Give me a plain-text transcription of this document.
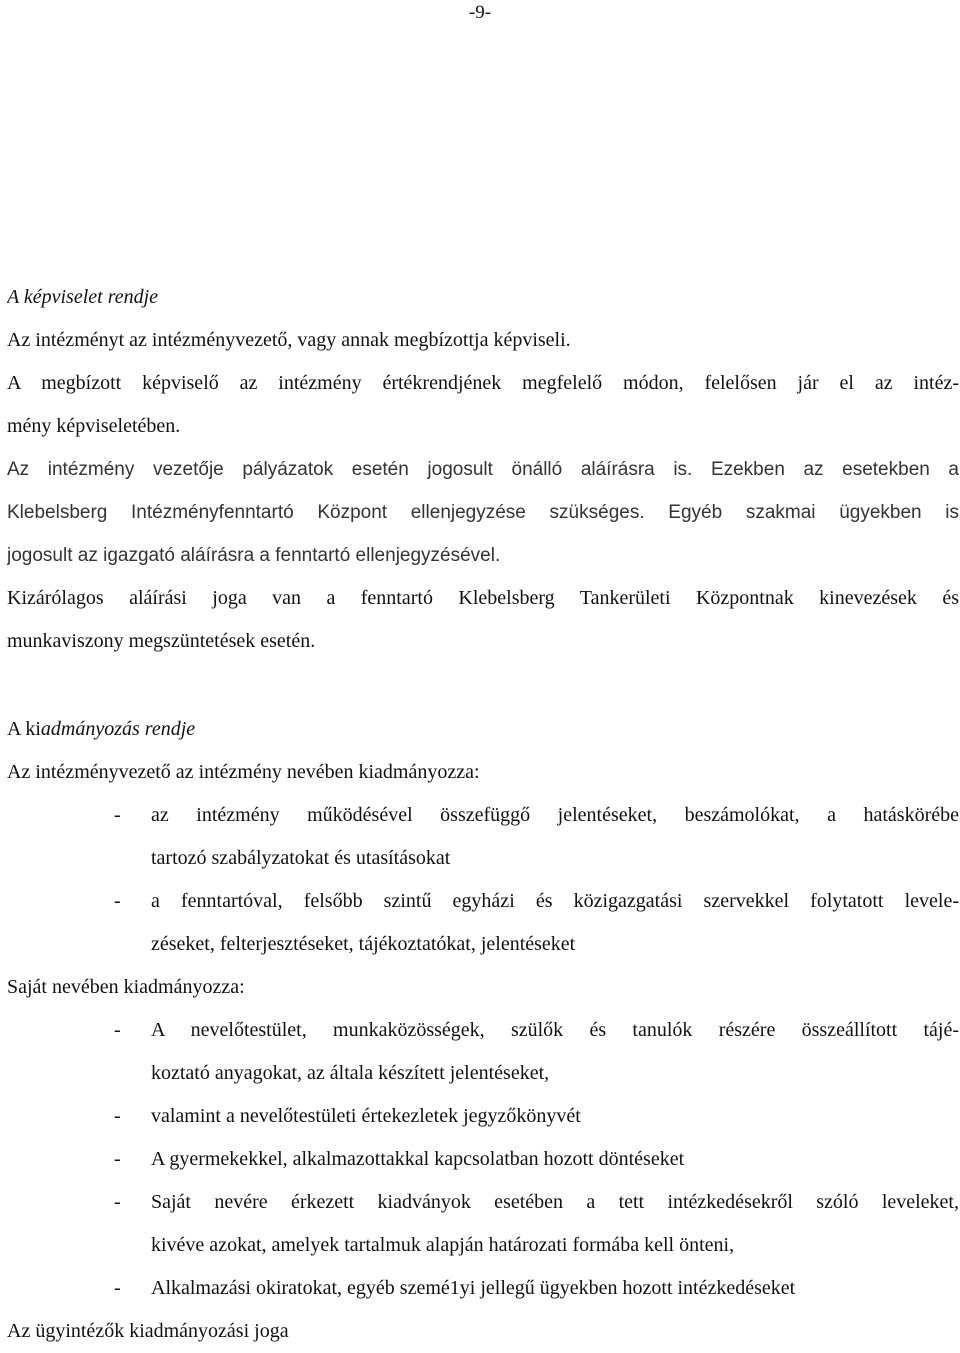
-9-
A képviselet rendje
Az intézményt az intézményvezető, vagy annak megbízottja képviseli.
A megbízott képviselő az intézmény értékrendjének megfelelő módon, felelősen jár el az intéz-
mény képviseletében.
Az intézmény vezetője pályázatok esetén jogosult önálló aláírásra is. Ezekben az esetekben a
Klebelsberg Intézményfenntartó Központ ellenjegyzése szükséges. Egyéb szakmai ügyekben is
jogosult az igazgató aláírásra a fenntartó ellenjegyzésével.
Kizárólagos aláírási joga van a fenntartó Klebelsberg Tankerületi Központnak kinevezések és
munkaviszony megszüntetések esetén.
A kiadmányozás rendje
Az intézményvezető az intézmény nevében kiadmányozza:
-	az intézmény működésével összefüggő jelentéseket, beszámolókat, a hatáskörébe
tartozó szabályzatokat és utasításokat
-	a fenntartóval, felsőbb szintű egyházi és közigazgatási szervekkel folytatott levele-
zéseket, felterjesztéseket, tájékoztatókat, jelentéseket
Saját nevében kiadmányozza:
-	A nevelőtestület, munkaközösségek, szülők és tanulók részére összeállított tájé-
koztató anyagokat, az általa készített jelentéseket,
-	valamint a nevelőtestületi értekezletek jegyzőkönyvét
-	A gyermekekkel, alkalmazottakkal kapcsolatban hozott döntéseket
-	Saját nevére érkezett kiadványok esetében a tett intézkedésekről szóló leveleket,
kivéve azokat, amelyek tartalmuk alapján határozati formába kell önteni,
-	Alkalmazási okiratokat, egyéb szemé1yi jellegű ügyekben hozott intézkedéseket
Az ügyintézők kiadmányozási joga
